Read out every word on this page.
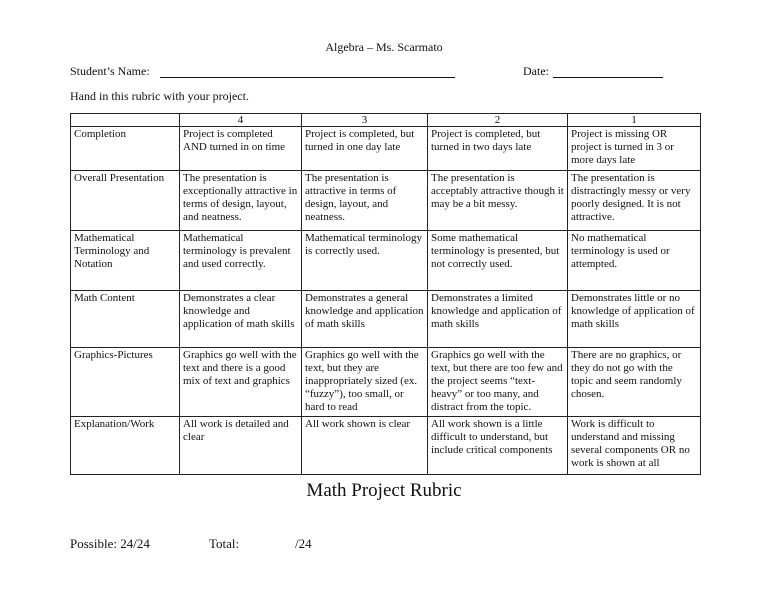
Algebra – Ms. Scarmato
Student’s Name:	Date:
Hand in this rubric with your project.
	4	3	2	1
Completion	Project is completed AND turned in on time	Project is completed, but turned in one day late	Project is completed, but turned in two days late	Project is missing OR project is turned in 3 or more days late
Overall Presentation	The presentation is exceptionally attractive in terms of design, layout, and neatness.	The presentation is attractive in terms of design, layout, and neatness.	The presentation is acceptably attractive though it may be a bit messy.	The presentation is distractingly messy or very poorly designed. It is not attractive.
Mathematical Terminology and Notation	Mathematical terminology is prevalent and used correctly.	Mathematical terminology is correctly used.	Some mathematical terminology is presented, but not correctly used.	No mathematical terminology is used or attempted.
Math Content	Demonstrates a clear knowledge and application of math skills	Demonstrates a general knowledge and application of math skills	Demonstrates a limited knowledge and application of math skills	Demonstrates little or no knowledge of application of math skills
Graphics-Pictures	Graphics go well with the text and there is a good mix of text and graphics	Graphics go well with the text, but they are inappropriately sized (ex. “fuzzy”), too small, or hard to read	Graphics go well with the text, but there are too few and the project seems “text-heavy” or too many, and distract from the topic.	There are no graphics, or they do not go with the topic and seem randomly chosen.
Explanation/Work	All work is detailed and clear	All work shown is clear	All work shown is a little difficult to understand, but include critical components	Work is difficult to understand and missing several components OR no work is shown at all
Math Project Rubric
Possible: 24/24	Total:	/24
